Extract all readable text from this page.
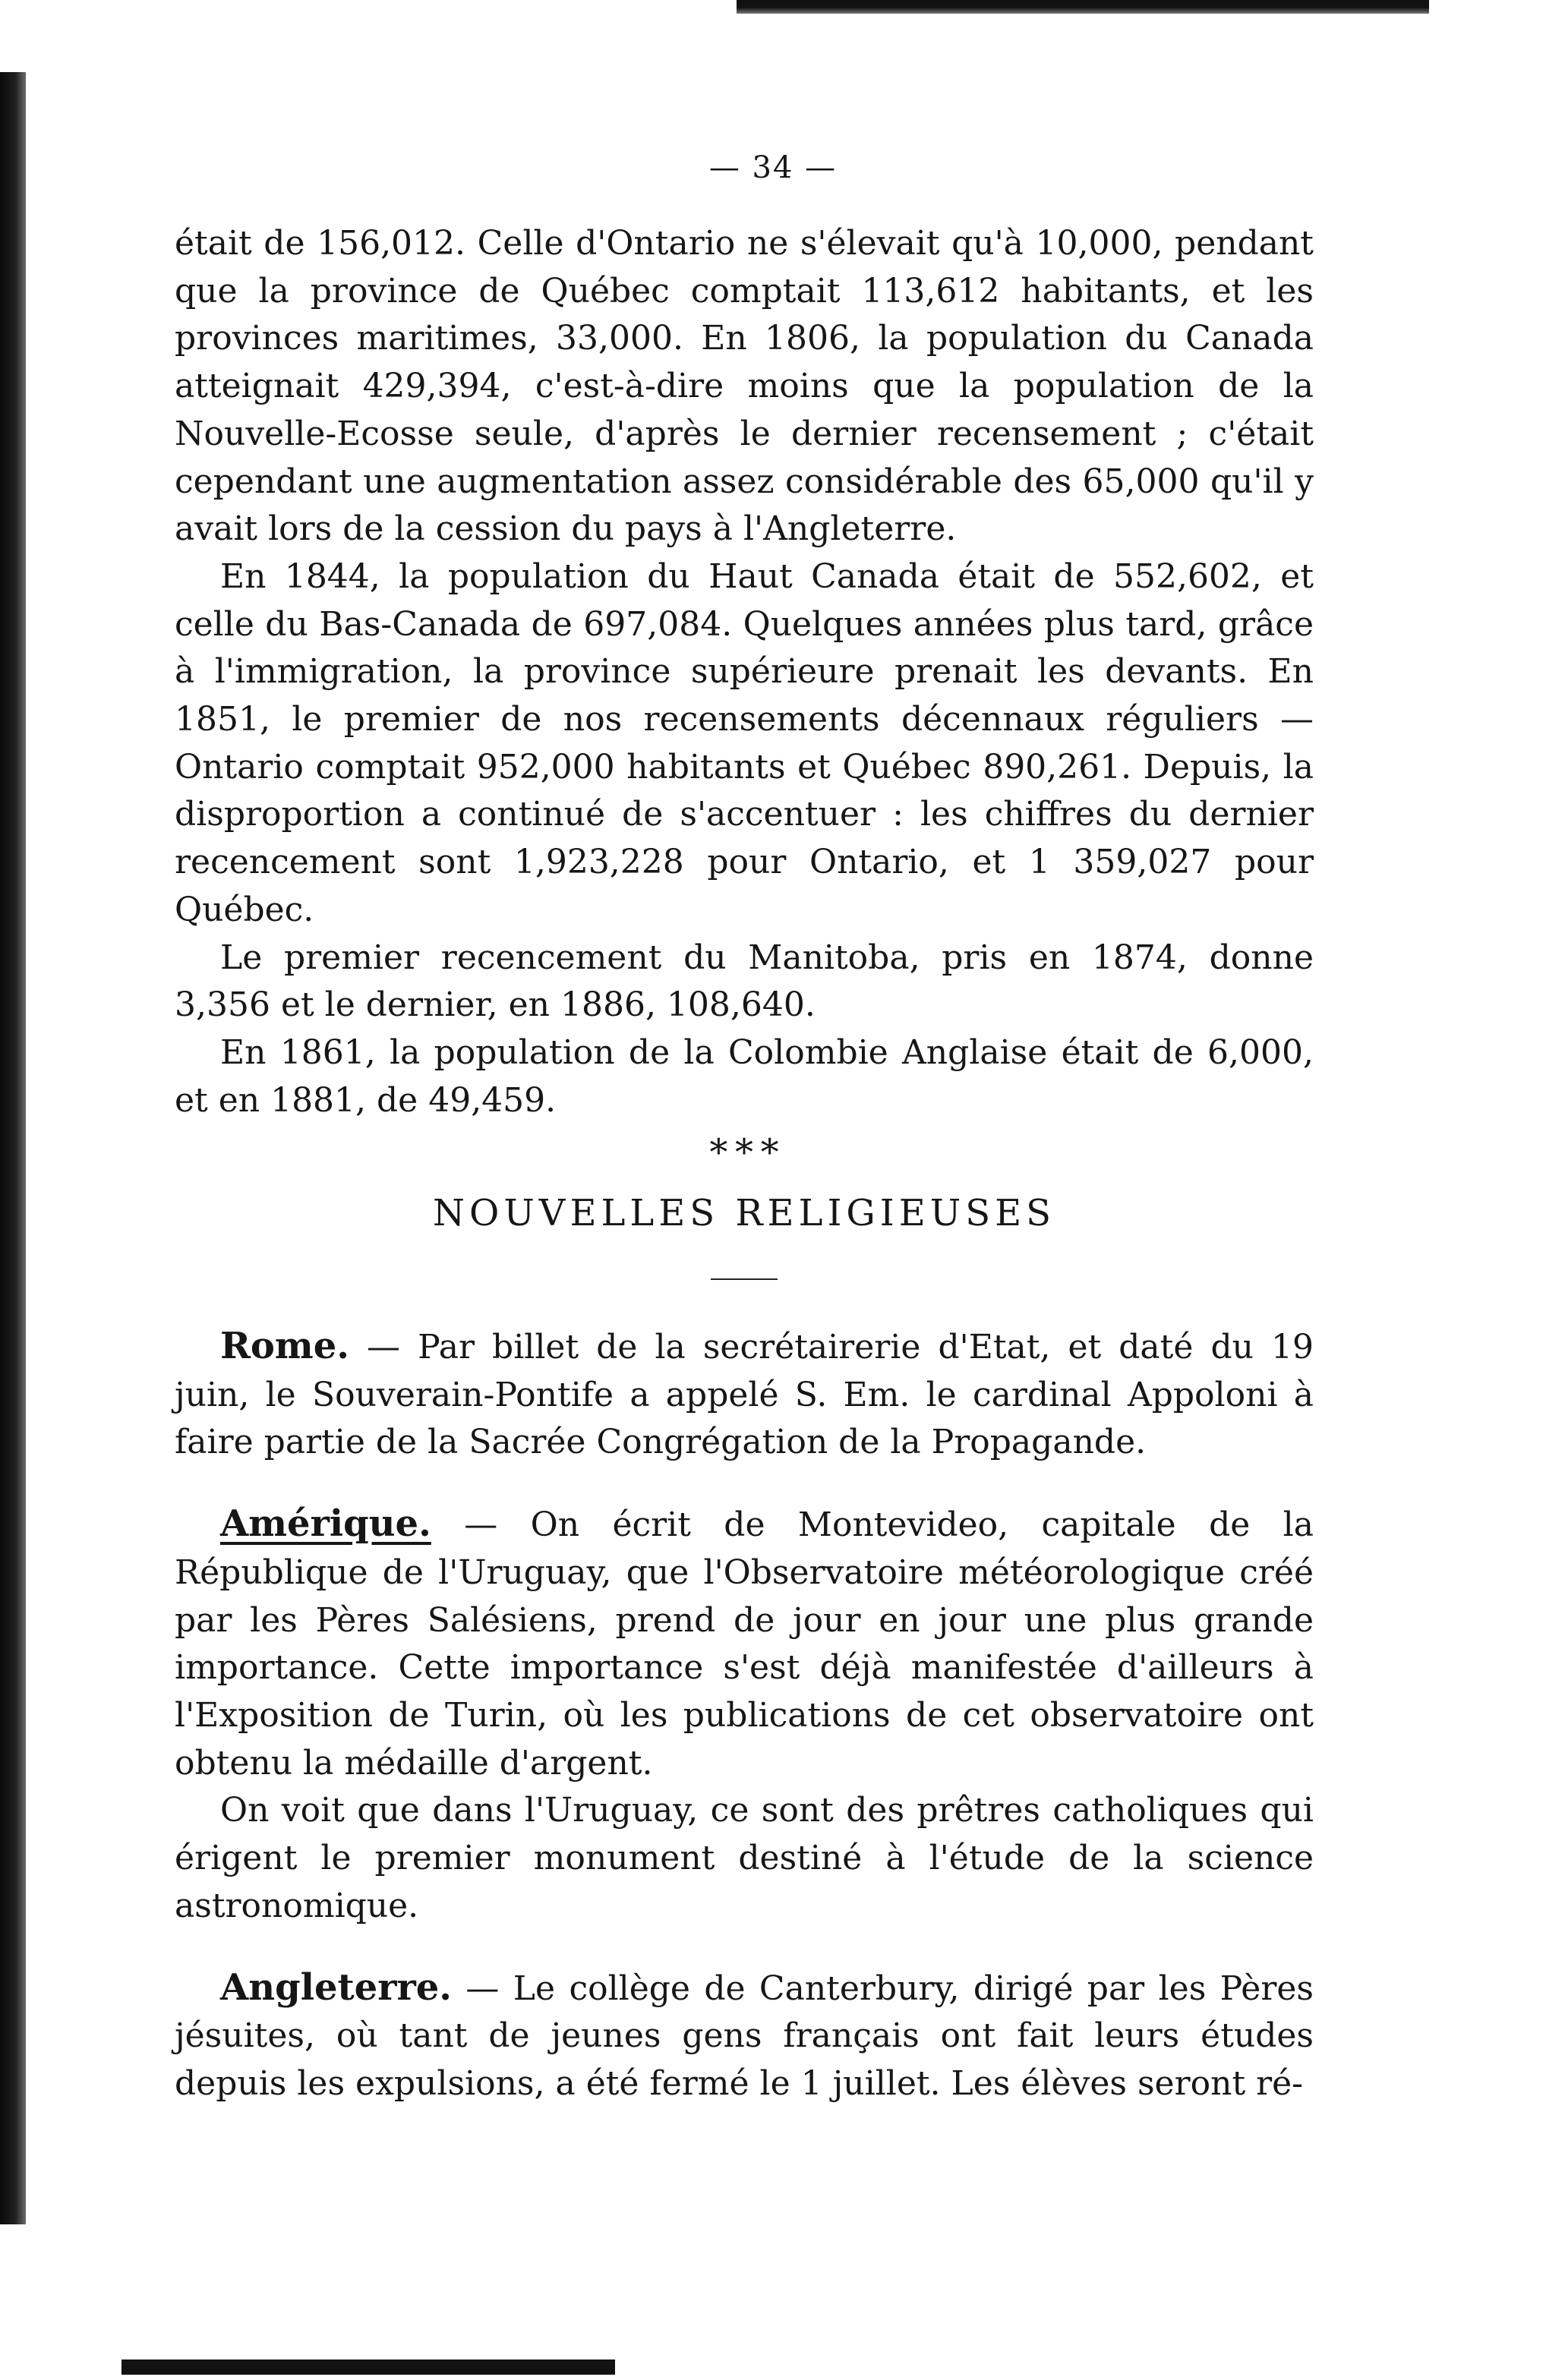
— 34 —

était de 156,012. Celle d'Ontario ne s'élevait qu'à 10,000, pendant que la province de Québec comptait 113,612 habitants, et les provinces maritimes, 33,000. En 1806, la population du Canada atteignait 429,394, c'est-à-dire moins que la population de la Nouvelle-Ecosse seule, d'après le dernier recensement ; c'était cependant une augmentation assez considérable des 65,000 qu'il y avait lors de la cession du pays à l'Angleterre.

En 1844, la population du Haut Canada était de 552,602, et celle du Bas-Canada de 697,084. Quelques années plus tard, grâce à l'immigration, la province supérieure prenait les devants. En 1851, le premier de nos recensements décennaux réguliers — Ontario comptait 952,000 habitants et Québec 890,261. Depuis, la disproportion a continué de s'accentuer : les chiffres du dernier recencement sont 1,923,228 pour Ontario, et 1 359,027 pour Québec.

Le premier recencement du Manitoba, pris en 1874, donne 3,356 et le dernier, en 1886, 108,640.

En 1861, la population de la Colombie Anglaise était de 6,000, et en 1881, de 49,459.

* * *
NOUVELLES RELIGIEUSES

Rome. — Par billet de la secrétairerie d'Etat, et daté du 19 juin, le Souverain-Pontife a appelé S. Em. le cardinal Appoloni à faire partie de la Sacrée Congrégation de la Propagande.

Amérique. — On écrit de Montevideo, capitale de la République de l'Uruguay, que l'Observatoire météorologique créé par les Pères Salésiens, prend de jour en jour une plus grande importance. Cette importance s'est déjà manifestée d'ailleurs à l'Exposition de Turin, où les publications de cet observatoire ont obtenu la médaille d'argent.

On voit que dans l'Uruguay, ce sont des prêtres catholiques qui érigent le premier monument destiné à l'étude de la science astronomique.

Angleterre. — Le collège de Canterbury, dirigé par les Pères jésuites, où tant de jeunes gens français ont fait leurs études depuis les expulsions, a été fermé le 1 juillet. Les élèves seront ré-
